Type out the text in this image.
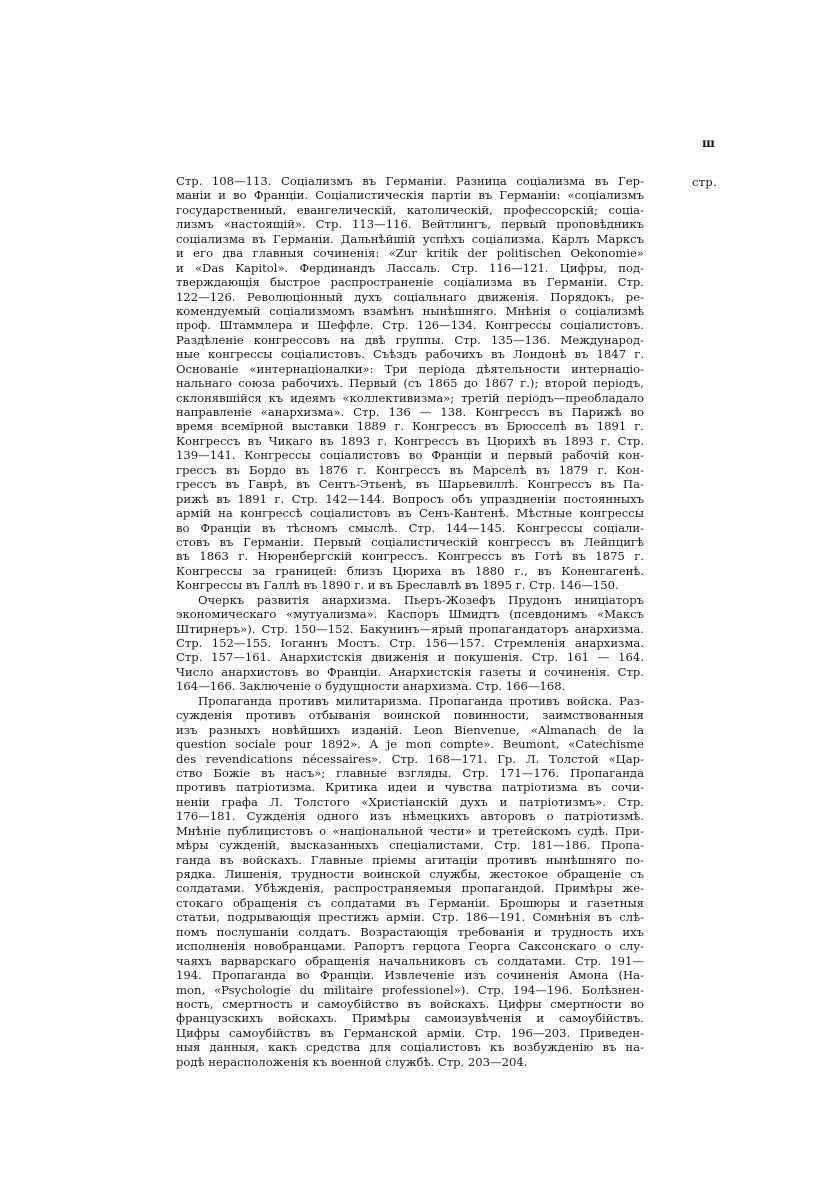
ш
стр.
Стр. 108—113. Соціализмъ въ Германіи. Разница соціализма въ Гер-
маніи и во Франціи. Соціалистическія партіи въ Германіи: «соціализмъ
государственный, евангелическій, католическій, профессорскій; соціа-
лизмъ «настоящій». Стр. 113—116. Вейтлингъ, первый проповѣдникъ
соціализма въ Германіи. Дальнѣйшій успѣхъ соціализма. Карлъ Марксъ
и его два главныя сочиненія: «Zur kritik der politischen Oekonomie»
и «Das Kapitol». Фердинандъ Лассаль. Стр. 116—121. Цифры, под-
тверждающія быстрое распространеніе соціализма въ Германіи. Стр.
122—126. Революціонный духъ соціальнаго движенія. Порядокъ, ре-
комендуемый соціализмомъ взамѣнъ нынѣшняго. Мнѣнія о соціализмѣ
проф. Штаммлера и Шеффле. Стр. 126—134. Конгрессы соціалистовъ.
Раздѣленіе конгрессовъ на двѣ группы. Стр. 135—136. Международ-
ные конгрессы соціалистовъ. Съѣздъ рабочихъ въ Лондонѣ въ 1847 г.
Основаніе «интернаціоналки»: Три періода дѣятельности интернаціо-
нальнаго союза рабочихъ. Первый (съ 1865 до 1867 г.); второй періодъ,
склонявшійся къ идеямъ «коллективизма»; третій періодъ—преобладало
направленіе «анархизма». Стр. 136 — 138. Конгрессъ въ Парижѣ во
время всемірной выставки 1889 г. Конгрессъ въ Брюсселѣ въ 1891 г.
Конгрессъ въ Чикаго въ 1893 г. Конгрессъ въ Цюрихѣ въ 1893 г. Стр.
139—141. Конгрессы соціалистовъ во Франціи и первый рабочій кон-
грессъ въ Бордо въ 1876 г. Конгрессъ въ Марселѣ въ 1879 г. Кон-
грессъ въ Гаврѣ, въ Сентъ-Этьенѣ, въ Шарьевиллѣ. Конгрессъ въ Па-
рижѣ въ 1891 г. Стр. 142—144. Вопросъ объ упраздненіи постоянныхъ
армій на конгрессѣ соціалистовъ въ Сенъ-Кантенѣ. Мѣстные конгрессы
во Франціи въ тѣсномъ смыслѣ. Стр. 144—145. Конгрессы соціали-
стовъ въ Германіи. Первый соціалистическій конгрессъ въ Лейпцигѣ
въ 1863 г. Нюренбергскій конгрессъ. Конгрессъ въ Готѣ въ 1875 г.
Конгрессы за границей: близъ Цюриха въ 1880 г., въ Коненгагенѣ.
Конгрессы въ Галлѣ въ 1890 г. и въ Бреславлѣ въ 1895 г. Стр. 146—150.
Очеркъ развитія анархизма. Пьеръ-Жозефъ Прудонъ иниціаторъ
экономическаго «мутуализма». Каспоръ Шмидтъ (псевдонимъ «Максъ
Штирнеръ»). Стр. 150—152. Бакунинъ—ярый пропагандаторъ анархизма.
Стр. 152—155. Іоганнъ Мостъ. Стр. 156—157. Стремленія анархизма.
Стр. 157—161. Анархистскія движенія и покушенія. Стр. 161 — 164.
Число анархистовъ во Франціи. Анархистскія газеты и сочиненія. Стр.
164—166. Заключеніе о будущности анархизма. Стр. 166—168.
Пропаганда противъ милитаризма. Пропаганда противъ войска. Раз-
сужденія противъ отбыванія воинской повинности, заимствованныя
изъ разныхъ новѣйшихъ изданій. Leon Bienvenue, «Almanach de la
question sociale pour 1892». A je mon compte». Beumont, «Catechisme
des revendications nécessaires». Стр. 168—171. Гр. Л. Толстой «Цар-
ство Божіе въ насъ»; главные взгляды. Стр. 171—176. Пропаганда
противъ патріотизма. Критика идеи и чувства патріотизма въ сочи-
неніи графа Л. Толстого «Христіанскій духъ и патріотизмъ». Стр.
176—181. Сужденія одного изъ нѣмецкихъ авторовъ о патріотизмѣ.
Мнѣніе публицистовъ о «національной чести» и третейскомъ судѣ. При-
мѣры сужденій, высказанныхъ спеціалистами. Стр. 181—186. Пропа-
ганда въ войскахъ. Главные пріемы агитаціи противъ нынѣшняго по-
рядка. Лишенія, трудности воинской службы, жестокое обращеніе съ
солдатами. Убѣжденія, распространяемыя пропагандой. Примѣры же-
стокаго обращенія съ солдатами въ Германіи. Брошюры и газетныя
статьи, подрывающія престижъ арміи. Стр. 186—191. Сомнѣнія въ слѣ-
помъ послушаніи солдатъ. Возрастающія требованія и трудность ихъ
исполненія новобранцами. Рапортъ герцога Георга Саксонскаго о слу-
чаяхъ варварскаго обращенія начальниковъ съ солдатами. Стр. 191—
194. Пропаганда во Франціи. Извлеченіе изъ сочиненія Амона (Ha-
mon, «Psychologie du militaire professionel»). Стр. 194—196. Болѣзнен-
ность, смертность и самоубійство въ войскахъ. Цифры смертности во
французскихъ войскахъ. Примѣры самоизувѣченія и самоубійствъ.
Цифры самоубійствъ въ Германской арміи. Стр. 196—203. Приведен-
ныя данныя, какъ средства для соціалистовъ къ возбужденію въ на-
родѣ нерасположенія къ военной службѣ. Стр. 203—204.
